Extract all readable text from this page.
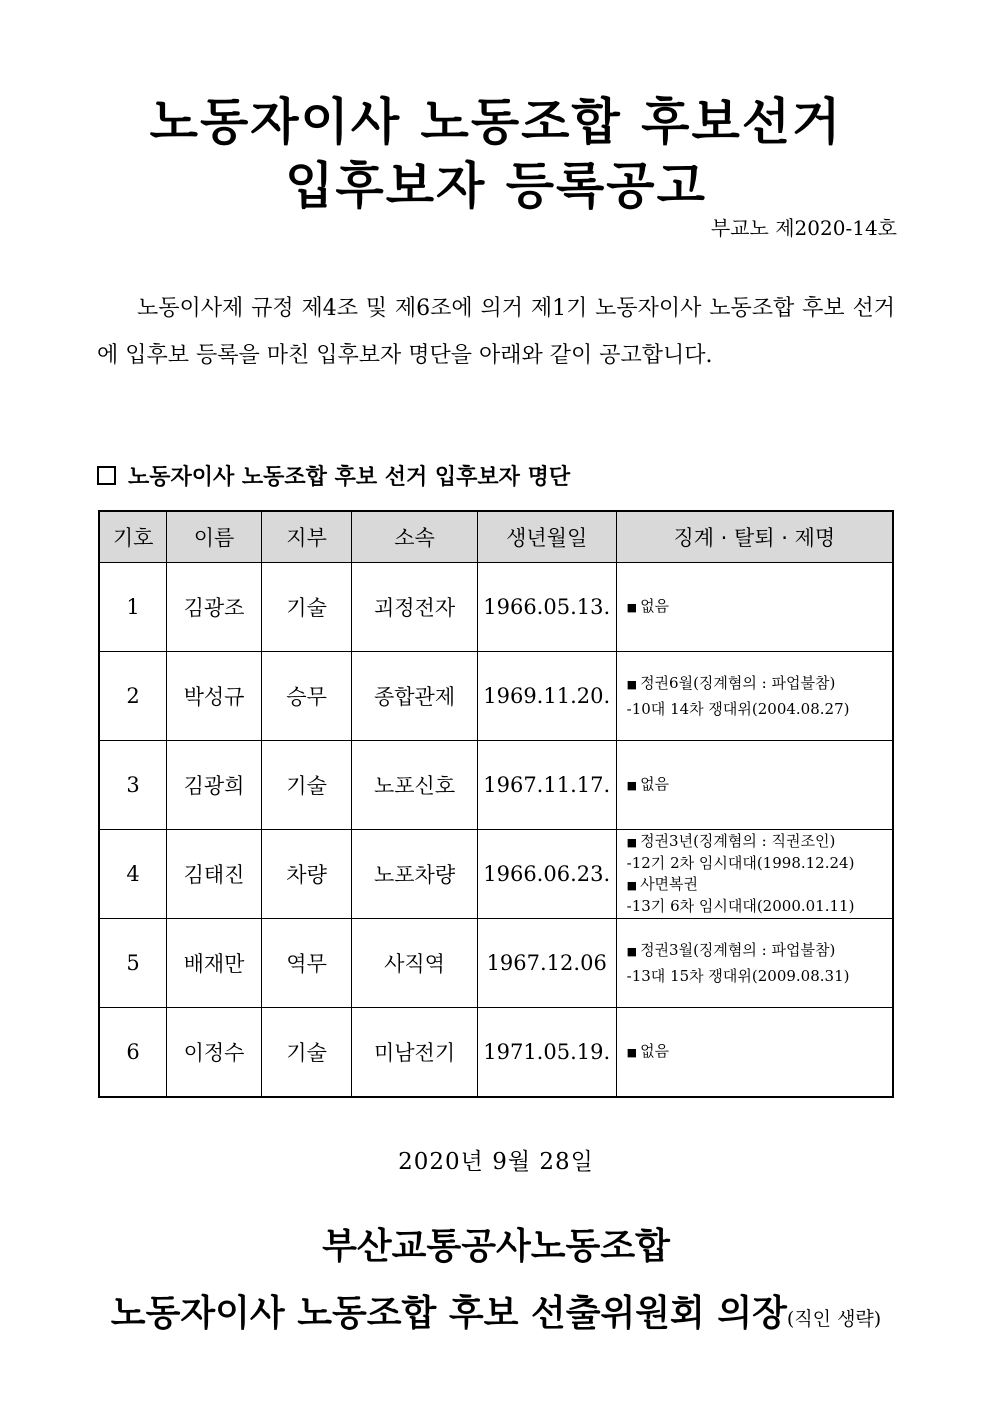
노동자이사 노동조합 후보선거
입후보자 등록공고
부교노 제2020-14호
노동이사제 규정 제4조 및 제6조에 의거 제1기 노동자이사 노동조합 후보 선거에 입후보 등록을 마친 입후보자 명단을 아래와 같이 공고합니다.
노동자이사 노동조합 후보 선거 입후보자 명단
기호	이름	지부	소속	생년월일	징계 · 탈퇴 · 제명
1	김광조	기술	괴정전자	1966.05.13.	■ 없음

2	박성규	승무	종합관제	1969.11.20.	■ 정권6월(징계혐의 : 파업불참)
-10대 14차 쟁대위(2004.08.27)

3	김광희	기술	노포신호	1967.11.17.	■ 없음

4	김태진	차량	노포차량	1966.06.23.	■ 정권3년(징계혐의 : 직권조인)
-12기 2차 임시대대(1998.12.24)
■ 사면복권
-13기 6차 임시대대(2000.01.11)

5	배재만	역무	사직역	1967.12.06	■ 정권3월(징계혐의 : 파업불참)
-13대 15차 쟁대위(2009.08.31)

6	이정수	기술	미남전기	1971.05.19.	■ 없음
2020년 9월 28일
부산교통공사노동조합
노동자이사 노동조합 후보 선출위원회 의장(직인 생략)
